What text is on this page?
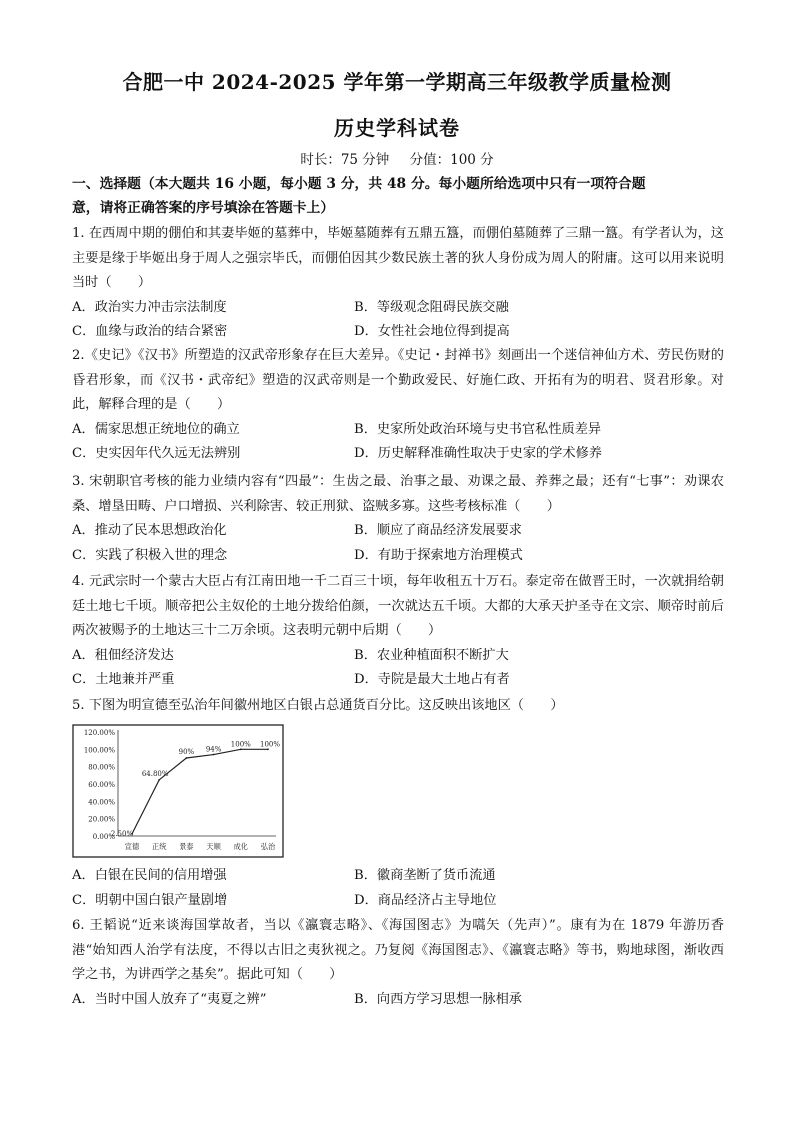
合肥一中 2024-2025 学年第一学期高三年级教学质量检测
历史学科试卷
时长：75 分钟 分值：100 分
一、选择题（本大题共 16 小题，每小题 3 分，共 48 分。每小题所给选项中只有一项符合题
意，请将正确答案的序号填涂在答题卡上）
1. 在西周中期的倗伯和其妻毕姬的墓葬中，毕姬墓随葬有五鼎五簋，而倗伯墓随葬了三鼎一簋。有学者认为，这主要是缘于毕姬出身于周人之强宗毕氏，而倗伯因其少数民族土著的狄人身份成为周人的附庸。这可以用来说明当时（　　）
A．政治实力冲击宗法制度	B．等级观念阻碍民族交融
C．血缘与政治的结合紧密	D．女性社会地位得到提高
2.《史记》《汉书》所塑造的汉武帝形象存在巨大差异。《史记・封禅书》刻画出一个迷信神仙方术、劳民伤财的昏君形象，而《汉书・武帝纪》塑造的汉武帝则是一个勤政爱民、好施仁政、开拓有为的明君、贤君形象。对此，解释合理的是（　　）
A．儒家思想正统地位的确立	B．史家所处政治环境与史书官私性质差异
C．史实因年代久远无法辨别	D．历史解释准确性取决于史家的学术修养
3. 宋朝职官考核的能力业绩内容有“四最”：生齿之最、治事之最、劝课之最、养葬之最；还有“七事”：劝课农桑、增垦田畴、户口增损、兴利除害、较正刑狱、盗贼多寡。这些考核标准（　　）
A．推动了民本思想政治化	B．顺应了商品经济发展要求
C．实践了积极入世的理念	D．有助于探索地方治理模式
4. 元武宗时一个蒙古大臣占有江南田地一千二百三十顷，每年收租五十万石。泰定帝在做晋王时，一次就捐给朝廷土地七千顷。顺帝把公主奴伦的土地分拨给伯颜，一次就达五千顷。大都的大承天护圣寺在文宗、顺帝时前后两次被赐予的土地达三十二万余顷。这表明元朝中后期（　　）
A．租佃经济发达	B．农业种植面积不断扩大
C．土地兼并严重	D．寺院是最大土地占有者
5. 下图为明宣德至弘治年间徽州地区白银占总通货百分比。这反映出该地区（　　）
0.00%
20.00%
40.00%
60.00%
80.00%
100.00%
120.00%
宣德 正统 景泰 天顺 成化 弘治
2.50%
64.80%
90% 94%
100% 100%
A．白银在民间的信用增强	B．徽商垄断了货币流通
C．明朝中国白银产量剧增	D．商品经济占主导地位
6. 王韬说“近来谈海国掌故者，当以《瀛寰志略》、《海国图志》为嚆矢（先声）”。康有为在 1879 年游历香港“始知西人治学有法度，不得以古旧之夷狄视之。乃复阅《海国图志》、《瀛寰志略》等书，购地球图，渐收西学之书，为讲西学之基矣”。据此可知（　　）
A．当时中国人放弃了“夷夏之辨”	B．向西方学习思想一脉相承
